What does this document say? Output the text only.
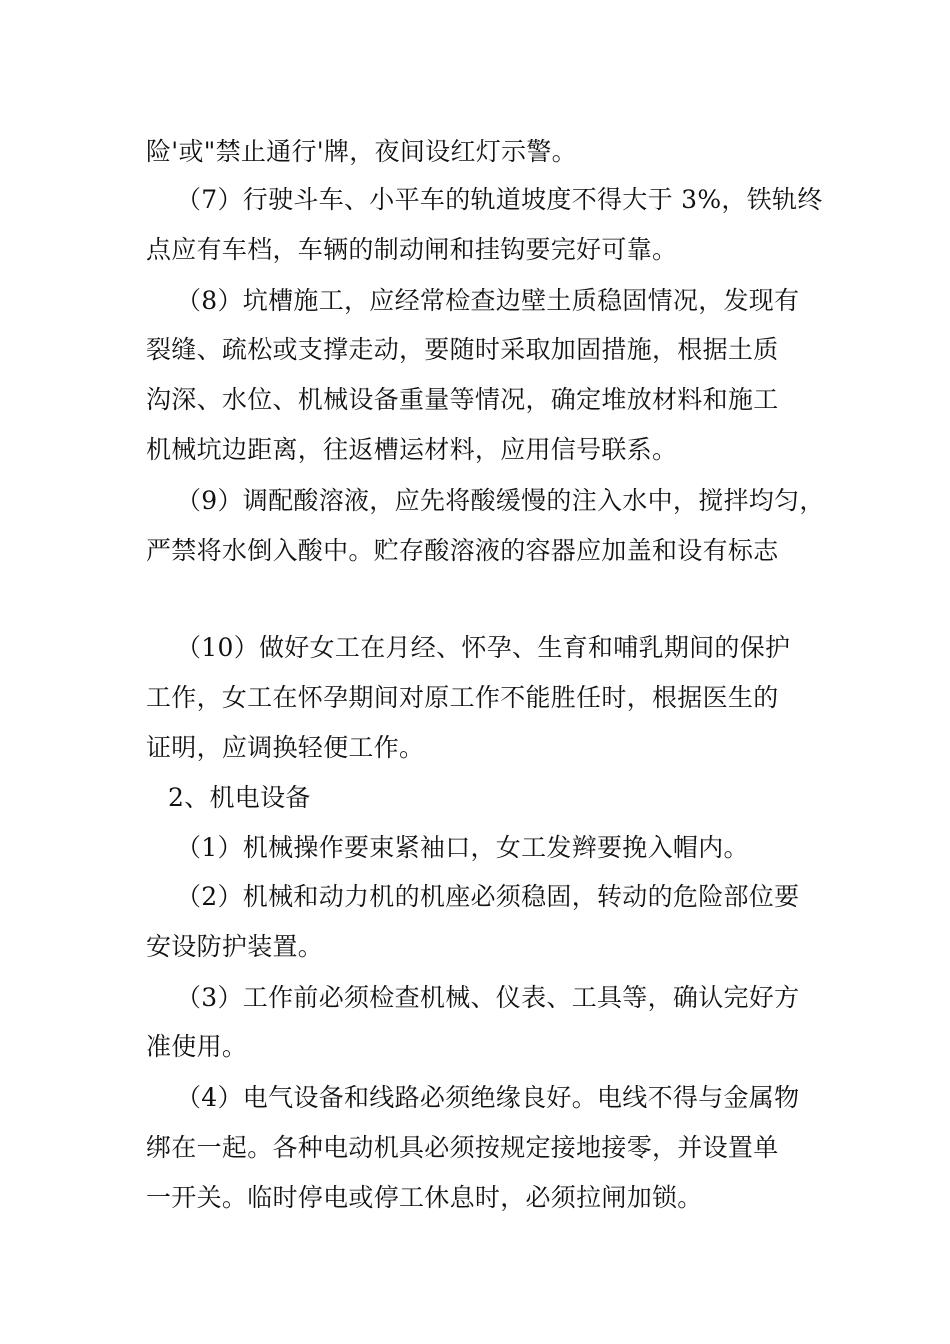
险'或"禁止通行'牌，夜间设红灯示警。
（7）行驶斗车、小平车的轨道坡度不得大于 3%，铁轨终
点应有车档，车辆的制动闸和挂钩要完好可靠。
（8）坑槽施工，应经常检查边壁土质稳固情况，发现有
裂缝、疏松或支撑走动，要随时采取加固措施，根据土质
沟深、水位、机械设备重量等情况，确定堆放材料和施工
机械坑边距离，往返槽运材料，应用信号联系。
（9）调配酸溶液，应先将酸缓慢的注入水中，搅拌均匀，
严禁将水倒入酸中。贮存酸溶液的容器应加盖和设有标志
（10）做好女工在月经、怀孕、生育和哺乳期间的保护
工作，女工在怀孕期间对原工作不能胜任时，根据医生的
证明，应调换轻便工作。
2、机电设备
（1）机械操作要束紧袖口，女工发辫要挽入帽内。
（2）机械和动力机的机座必须稳固，转动的危险部位要
安设防护装置。
（3）工作前必须检查机械、仪表、工具等，确认完好方
准使用。
（4）电气设备和线路必须绝缘良好。电线不得与金属物
绑在一起。各种电动机具必须按规定接地接零，并设置单
一开关。临时停电或停工休息时，必须拉闸加锁。
